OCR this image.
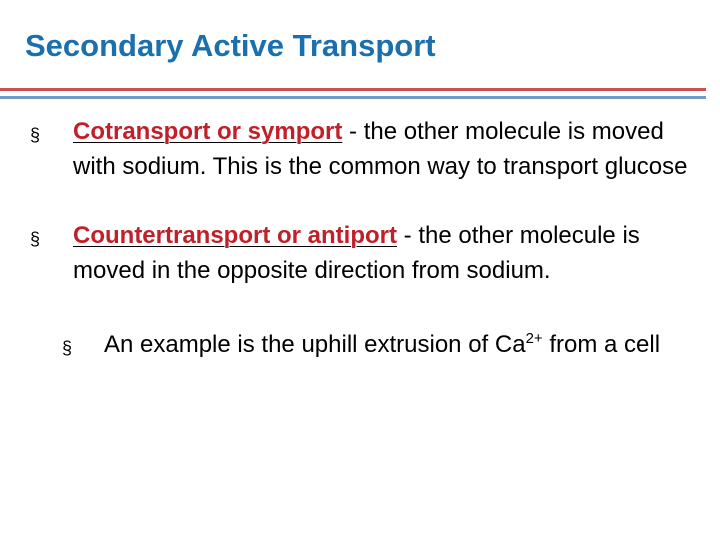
Secondary Active Transport
§ Cotransport or symport - the other molecule is moved with sodium. This is the common way to transport glucose
§ Countertransport or antiport - the other molecule is moved in the opposite direction from sodium.
§ An example is the uphill extrusion of $Ca^{2+}$ from a cell
